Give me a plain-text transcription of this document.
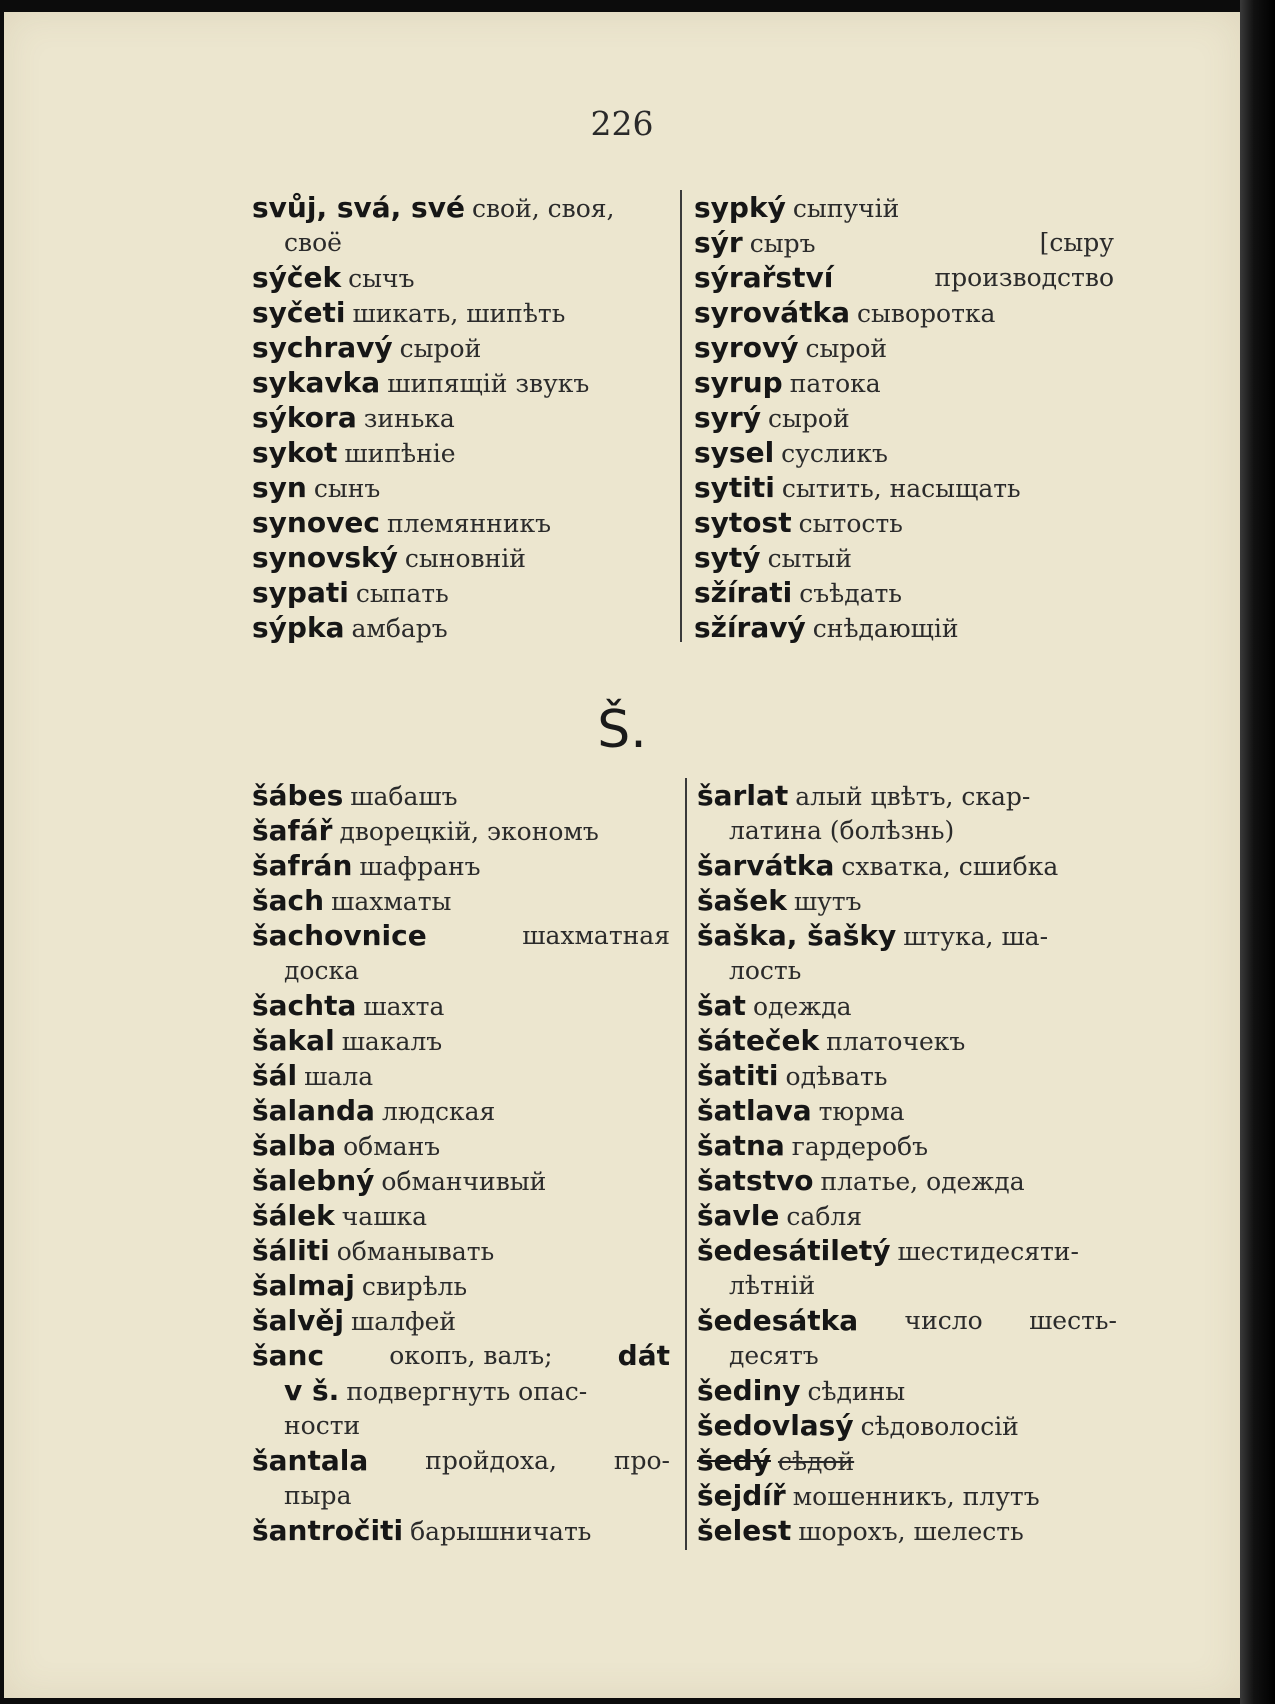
226
svůj, svá, své свой, своя,
своё
sýček сычъ
syčeti шикать, шипѣть
sychravý сырой
sykavka шипящій звукъ
sýkora зинька
sykot шипѣніе
syn сынъ
synovec племянникъ
synovský сыновній
sypati сыпать
sýpka амбаръ
sypký сыпучій
sýr сыръ	[сыру
sýrařství	производство
syrovátka сыворотка
syrový сырой
syrup патока
syrý сырой
sysel сусликъ
sytiti сытить, насыщать
sytost сытость
sytý сытый
sžírati съѣдать
sžíravý снѣдающій
Š.
šábes шабашъ
šafář дворецкій, экономъ
šafrán шафранъ
šach шахматы
šachovnice	шахматная
доска
šachta шахта
šakal шакалъ
šál шала
šalanda людская
šalba обманъ
šalebný обманчивый
šálek чашка
šáliti обманывать
šalmaj свирѣль
šalvěj шалфей
šanc	окопъ, валъ; dát
v š. подвергнуть опас-
ности
šantala пройдоха, про-
пыра
šantročiti барышничать
šarlat алый цвѣтъ, скар-
латина (болѣзнь)
šarvátka схватка, сшибка
šašek шутъ
šaška, šašky штука, ша-
лость
šat одежда
šáteček платочекъ
šatiti одѣвать
šatlava тюрма
šatna гардеробъ
šatstvo платье, одежда
šavle сабля
šedesátiletý шестидесяти-
лѣтній
šedesátka число шесть-
десятъ
šediny сѣдины
šedovlasý сѣдоволосій
šedý сѣдой
šejdíř мошенникъ, плутъ
šelest шорохъ, шелесть
